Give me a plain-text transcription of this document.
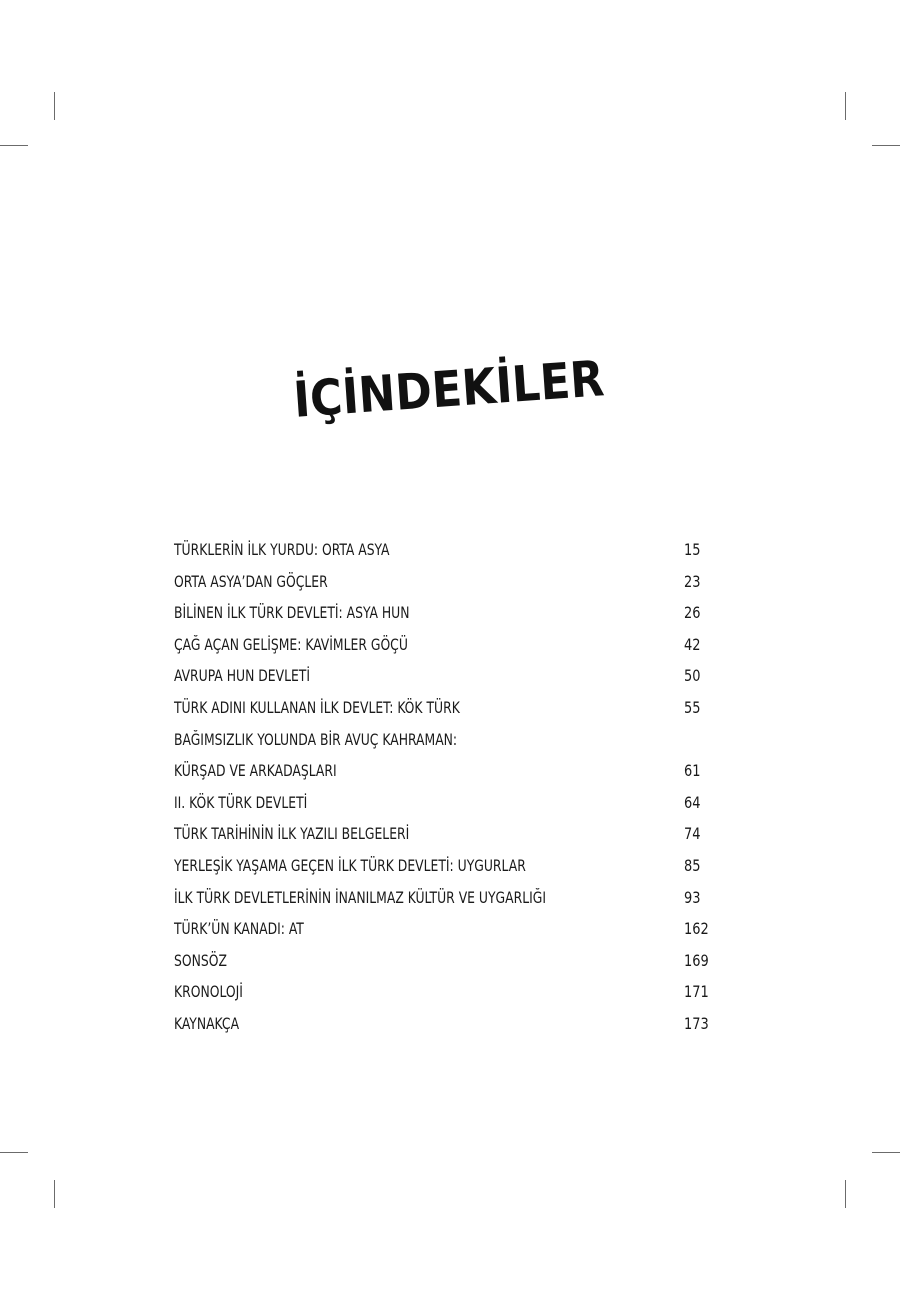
İÇİNDEKİLER
TÜRKLERİN İLK YURDU: ORTA ASYA	15
ORTA ASYA’DAN GÖÇLER	23
BİLİNEN İLK TÜRK DEVLETİ: ASYA HUN	26
ÇAĞ AÇAN GELİŞME: KAVİMLER GÖÇÜ	42
AVRUPA HUN DEVLETİ	50
TÜRK ADINI KULLANAN İLK DEVLET: KÖK TÜRK	55
BAĞIMSIZLIK YOLUNDA BİR AVUÇ KAHRAMAN:
KÜRŞAD VE ARKADAŞLARI	61
II. KÖK TÜRK DEVLETİ	64
TÜRK TARİHİNİN İLK YAZILI BELGELERİ	74
YERLEŞİK YAŞAMA GEÇEN İLK TÜRK DEVLETİ: UYGURLAR	85
İLK TÜRK DEVLETLERİNİN İNANILMAZ KÜLTÜR VE UYGARLIĞI	93
TÜRK’ÜN KANADI: AT	162
SONSÖZ	169
KRONOLOJİ	171
KAYNAKÇA	173
